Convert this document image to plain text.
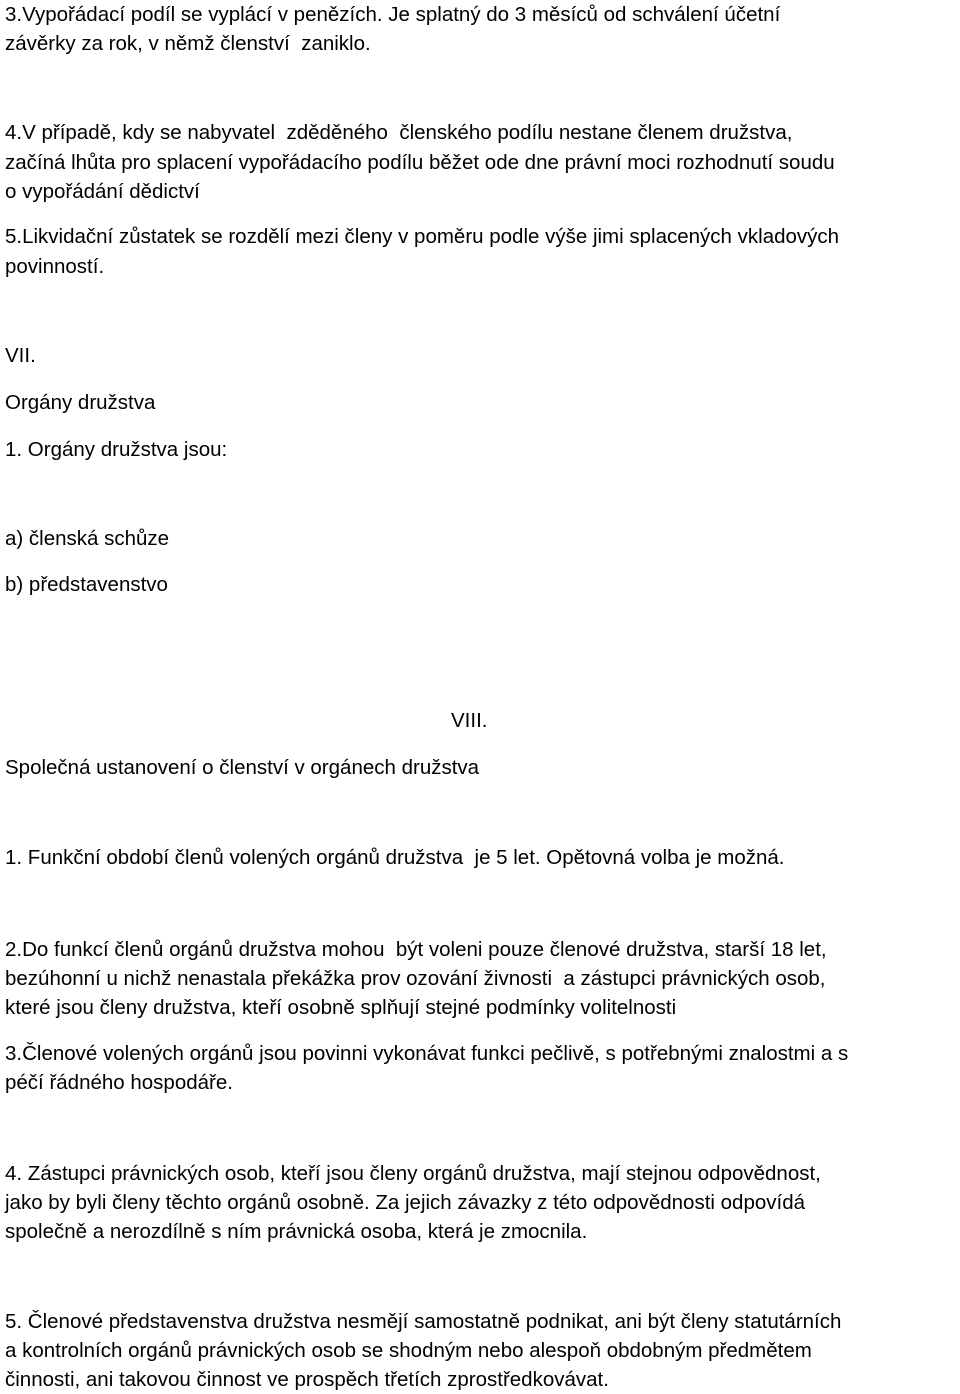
3.Vypořádací podíl se vyplácí v penězích. Je splatný do 3 měsíců od schválení účetní
závěrky za rok, v němž členství  zaniklo.
4.V případě, kdy se nabyvatel  zděděného  členského podílu nestane členem družstva,
začíná lhůta pro splacení vypořádacího podílu běžet ode dne právní moci rozhodnutí soudu
o vypořádání dědictví
5.Likvidační zůstatek se rozdělí mezi členy v poměru podle výše jimi splacených vkladových
povinností.
VII.
Orgány družstva
1. Orgány družstva jsou:
a) členská schůze
b) představenstvo
VIII.
Společná ustanovení o členství v orgánech družstva
1. Funkční období členů volených orgánů družstva  je 5 let. Opětovná volba je možná.
2.Do funkcí členů orgánů družstva mohou  být voleni pouze členové družstva, starší 18 let,
bezúhonní u nichž nenastala překážka prov ozování živnosti  a zástupci právnických osob,
které jsou členy družstva, kteří osobně splňují stejné podmínky volitelnosti
3.Členové volených orgánů jsou povinni vykonávat funkci pečlivě, s potřebnými znalostmi a s
péčí řádného hospodáře.
4. Zástupci právnických osob, kteří jsou členy orgánů družstva, mají stejnou odpovědnost,
jako by byli členy těchto orgánů osobně. Za jejich závazky z této odpovědnosti odpovídá
společně a nerozdílně s ním právnická osoba, která je zmocnila.
5. Členové představenstva družstva nesmějí samostatně podnikat, ani být členy statutárních
a kontrolních orgánů právnických osob se shodným nebo alespoň obdobným předmětem
činnosti, ani takovou činnost ve prospěch třetích zprostředkovávat.
